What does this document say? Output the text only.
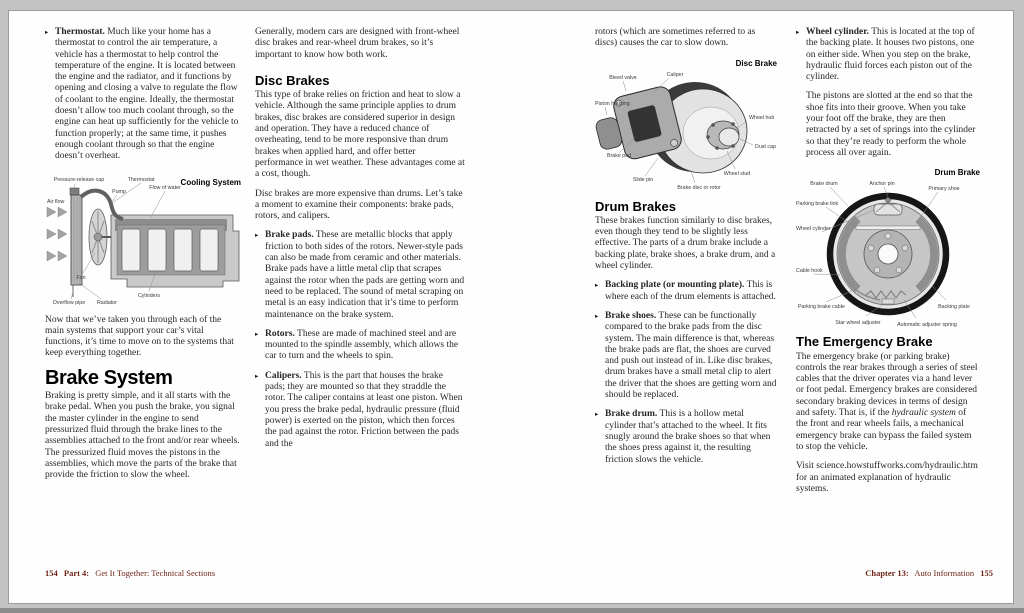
▸ Thermostat. Much like your home has a thermostat to control the air temperature, a vehicle has a thermostat to help control the temperature of the engine. It is located between the engine and the radiator, and it functions by opening and closing a valve to regulate the flow of coolant to the engine. Ideally, the thermostat doesn’t allow too much coolant through, so the engine can heat up sufficiently for the vehicle to function properly; at the same time, it pushes enough coolant through so that the engine doesn’t overheat.
Cooling System
Pressure-release cap	Thermostat
Pump
Flow of water
Air flow
Fan
Cylinders
Overflow pipe Radiator

Now that we’ve taken you through each of the main systems that support your car’s vital functions, it’s time to move on to the systems that keep everything together.

Brake System

Braking is pretty simple, and it all starts with the brake pedal. When you push the brake, you signal the master cylinder in the engine to send pressurized fluid through the brake lines to the assemblies attached to the front and/or rear wheels. The pressurized fluid moves the pistons in the assemblies, which move the parts of the brake that provide the friction to slow the wheel.

Generally, modern cars are designed with front-wheel disc brakes and rear-wheel drum brakes, so it’s important to know how both work.

Disc Brakes

This type of brake relies on friction and heat to slow a vehicle. Although the same principle applies to drum brakes, disc brakes are considered superior in design and operation. They have a reduced chance of overheating, tend to be more responsive than drum brakes when applied hard, and offer better performance in wet weather. These advantages come at a cost, though.

Disc brakes are more expensive than drums. Let’s take a moment to examine their components: brake pads, rotors, and calipers.

▸ Brake pads. These are metallic blocks that apply friction to both sides of the rotors. Newer-style pads can also be made from ceramic and other materials. Brake pads have a little metal clip that scrapes against the rotor when the pads are getting worn and need to be replaced. The sound of metal scraping on metal is an easy indication that it’s time to perform maintenance on the brake system.
▸ Rotors. These are made of machined steel and are mounted to the spindle assembly, which allows the car to turn and the wheels to spin.
▸ Calipers. This is the part that houses the brake pads; they are mounted so that they straddle the rotor. The caliper contains at least one piston. When you press the brake pedal, hydraulic pressure (fluid power) is exerted on the piston, which then forces the pad against the rotor. Friction between the pads and the

rotors (which are sometimes referred to as discs) causes the car to slow down.

Disc Brake
Bleed valve	Caliper
Piston housing
Brake pad
Slide pin
Wheel hub
Dust cap
Wheel stud
Brake disc or rotor
Drum Brakes

These brakes function similarly to disc brakes, even though they tend to be slightly less effective. The parts of a drum brake include a backing plate, brake shoes, a brake drum, and a wheel cylinder.

▸ Backing plate (or mounting plate). This is where each of the drum elements is attached.
▸ Brake shoes. These can be functionally compared to the brake pads from the disc system. The main difference is that, whereas the brake pads are flat, the shoes are curved and push out instead of in. Like disc brakes, drum brakes have a small metal clip to alert the driver that the shoes are getting worn and should be replaced.
▸ Brake drum. This is a hollow metal cylinder that’s attached to the wheel. It fits snugly around the brake shoes so that when the shoes press against it, the resulting friction slows the vehicle.
▸ Wheel cylinder. This is located at the top of the backing plate. It houses two pistons, one on either side. When you step on the brake, hydraulic fluid forces each piston out of the cylinder.

The pistons are slotted at the end so that the shoe fits into their groove. When you take your foot off the brake, they are then retracted by a set of springs into the cylinder so that they’re ready to perform the whole process all over again.

Drum Brake
Brake drum	Anchor pin
Primary shoe
Parking brake link
Wheel cylinder
Cable hook
Parking brake cable
Star wheel adjuster	Automatic adjuster spring
Backing plate
The Emergency Brake

The emergency brake (or parking brake) controls the rear brakes through a series of steel cables that the driver operates via a hand lever or foot pedal. Emergency brakes are considered secondary braking devices in terms of design and safety. That is, if the hydraulic system of the front and rear wheels fails, a mechanical emergency brake can bypass the failed system to stop the vehicle.

Visit science.howstuffworks.com/hydraulic.htm for an animated explanation of hydraulic systems.

154 Part 4: Get It Together: Technical Sections	Chapter 13: Auto Information 155
